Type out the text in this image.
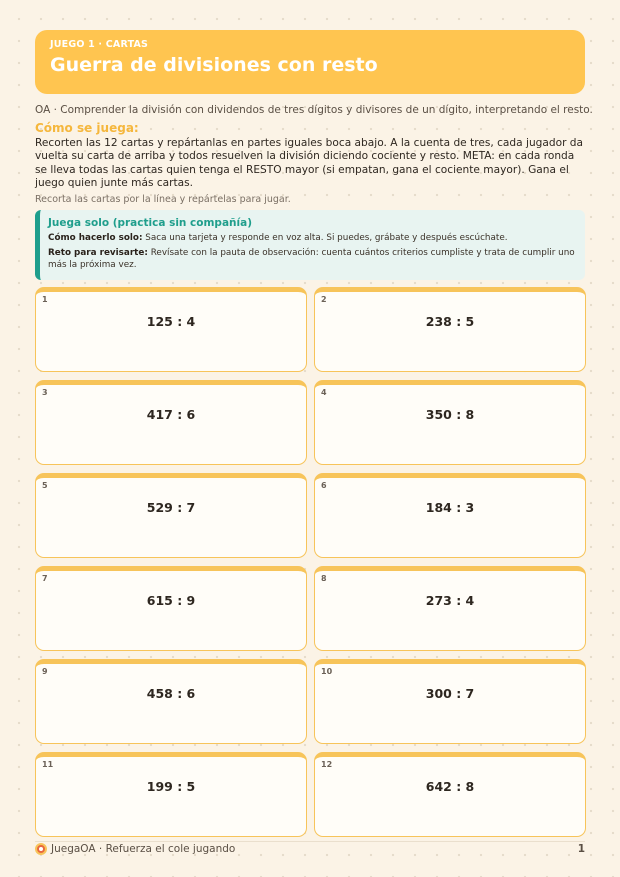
JUEGO 1 · CARTAS
Guerra de divisiones con resto
OA · Comprender la división con dividendos de tres dígitos y divisores de un dígito, interpretando el resto.
Cómo se juega:
Recorten las 12 cartas y repártanlas en partes iguales boca abajo. A la cuenta de tres, cada jugador da vuelta su carta de arriba y todos resuelven la división diciendo cociente y resto. META: en cada ronda se lleva todas las cartas quien tenga el RESTO mayor (si empatan, gana el cociente mayor). Gana el juego quien junte más cartas.
Recorta las cartas por la línea y repártelas para jugar.
Juega solo (practica sin compañía)
Cómo hacerlo solo: Saca una tarjeta y responde en voz alta. Si puedes, grábate y después escúchate.
Reto para revisarte: Revísate con la pauta de observación: cuenta cuántos criterios cumpliste y trata de cumplir uno más la próxima vez.
1
125 : 4
2
238 : 5
3
417 : 6
4
350 : 8
5
529 : 7
6
184 : 3
7
615 : 9
8
273 : 4
9
458 : 6
10
300 : 7
11
199 : 5
12
642 : 8
JuegaOA · Refuerza el cole jugando	1
